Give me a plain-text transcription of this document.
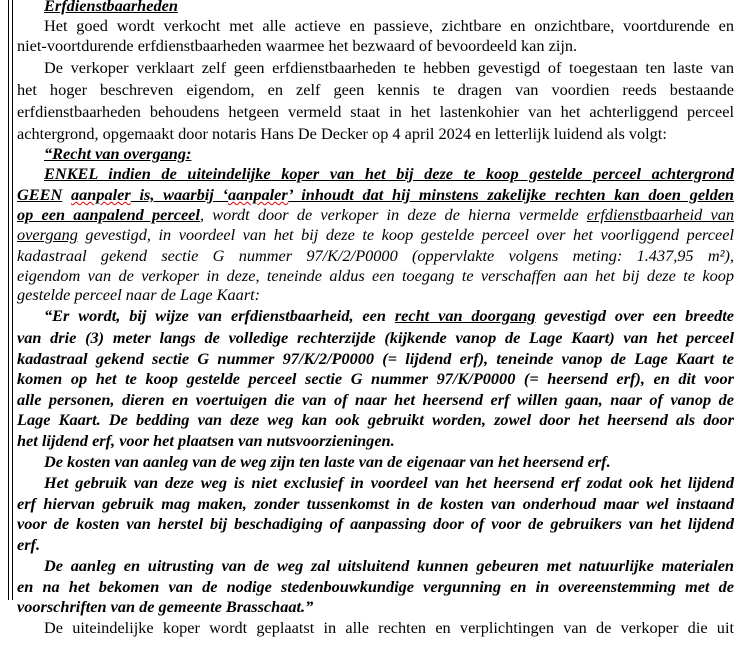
Erfdienstbaarheden
Het goed wordt verkocht met alle actieve en passieve, zichtbare en onzichtbare, voortdurende en
niet-voortdurende erfdienstbaarheden waarmee het bezwaard of bevoordeeld kan zijn.
De verkoper verklaart zelf geen erfdienstbaarheden te hebben gevestigd of toegestaan ten laste van
het hoger beschreven eigendom, en zelf geen kennis te dragen van voordien reeds bestaande
erfdienstbaarheden behoudens hetgeen vermeld staat in het lastenkohier van het achterliggend perceel
achtergrond, opgemaakt door notaris Hans De Decker op 4 april 2024 en letterlijk luidend als volgt:
“Recht van overgang:
ENKEL indien de uiteindelijke koper van het bij deze te koop gestelde perceel achtergrond
GEEN aanpaler is, waarbij ‘aanpaler’ inhoudt dat hij minstens zakelijke rechten kan doen gelden
op een aanpalend perceel, wordt door de verkoper in deze de hierna vermelde erfdienstbaarheid van
overgang gevestigd, in voordeel van het bij deze te koop gestelde perceel over het voorliggend perceel
kadastraal gekend sectie G nummer 97/K/2/P0000 (oppervlakte volgens meting: 1.437,95 m²),
eigendom van de verkoper in deze, teneinde aldus een toegang te verschaffen aan het bij deze te koop
gestelde perceel naar de Lage Kaart:
“Er wordt, bij wijze van erfdienstbaarheid, een recht van doorgang gevestigd over een breedte
van drie (3) meter langs de volledige rechterzijde (kijkende vanop de Lage Kaart) van het perceel
kadastraal gekend sectie G nummer 97/K/2/P0000 (= lijdend erf), teneinde vanop de Lage Kaart te
komen op het te koop gestelde perceel sectie G nummer 97/K/P0000 (= heersend erf), en dit voor
alle personen, dieren en voertuigen die van of naar het heersend erf willen gaan, naar of vanop de
Lage Kaart. De bedding van deze weg kan ook gebruikt worden, zowel door het heersend als door
het lijdend erf, voor het plaatsen van nutsvoorzieningen.
De kosten van aanleg van de weg zijn ten laste van de eigenaar van het heersend erf.
Het gebruik van deze weg is niet exclusief in voordeel van het heersend erf zodat ook het lijdend
erf hiervan gebruik mag maken, zonder tussenkomst in de kosten van onderhoud maar wel instaand
voor de kosten van herstel bij beschadiging of aanpassing door of voor de gebruikers van het lijdend
erf.
De aanleg en uitrusting van de weg zal uitsluitend kunnen gebeuren met natuurlijke materialen
en na het bekomen van de nodige stedenbouwkundige vergunning en in overeenstemming met de
voorschriften van de gemeente Brasschaat.”
De uiteindelijke koper wordt geplaatst in alle rechten en verplichtingen van de verkoper die uit
